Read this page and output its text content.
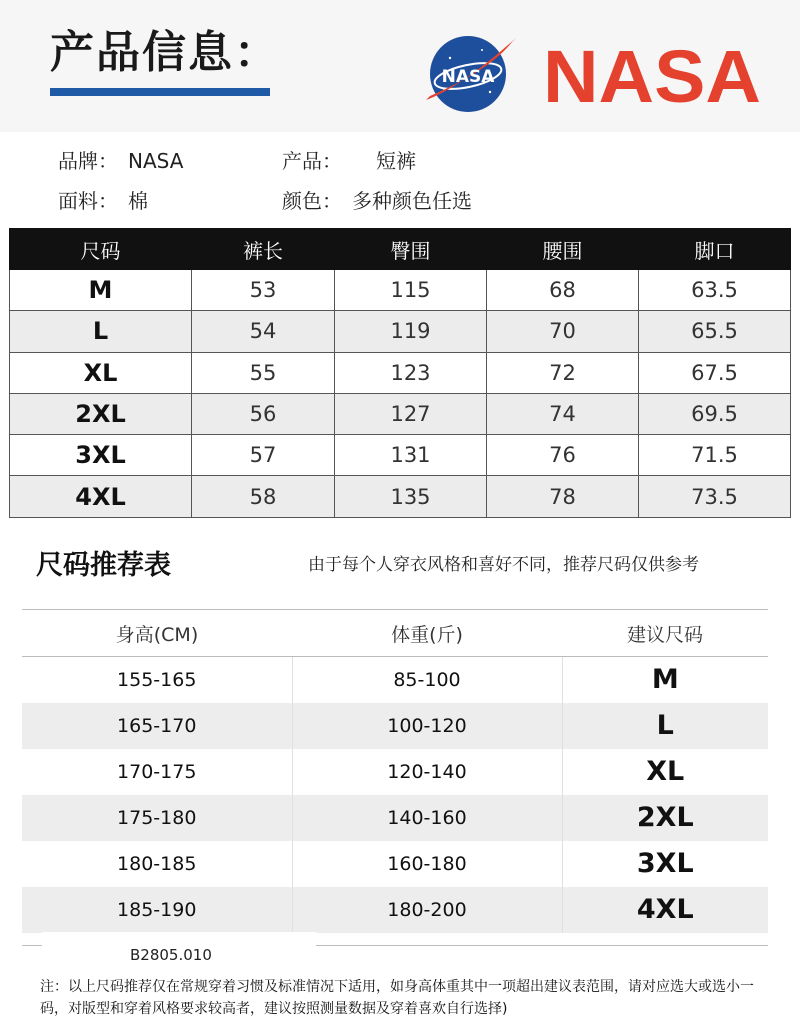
产品信息：	NASA NASA
品牌： NASA	产品： 短裤
面料： 棉	颜色： 多种颜色任选
尺码	裤长	臀围	腰围	脚口
M	53	115	68	63.5
L	54	119	70	65.5
XL	55	123	72	67.5
2XL	56	127	74	69.5
3XL	57	131	76	71.5
4XL	58	135	78	73.5
尺码推荐表	由于每个人穿衣风格和喜好不同，推荐尺码仅供参考
身高(CM)	体重(斤)	建议尺码
155-165	85-100	M
165-170	100-120	L
170-175	120-140	XL
175-180	140-160	2XL
180-185	160-180	3XL
185-190	180-200	4XL
B2805.010
注：以上尺码推荐仅在常规穿着习惯及标准情况下适用，如身高体重其中一项超出建议表范围，请对应选大或选小一码，对版型和穿着风格要求较高者，建议按照测量数据及穿着喜欢自行选择)
